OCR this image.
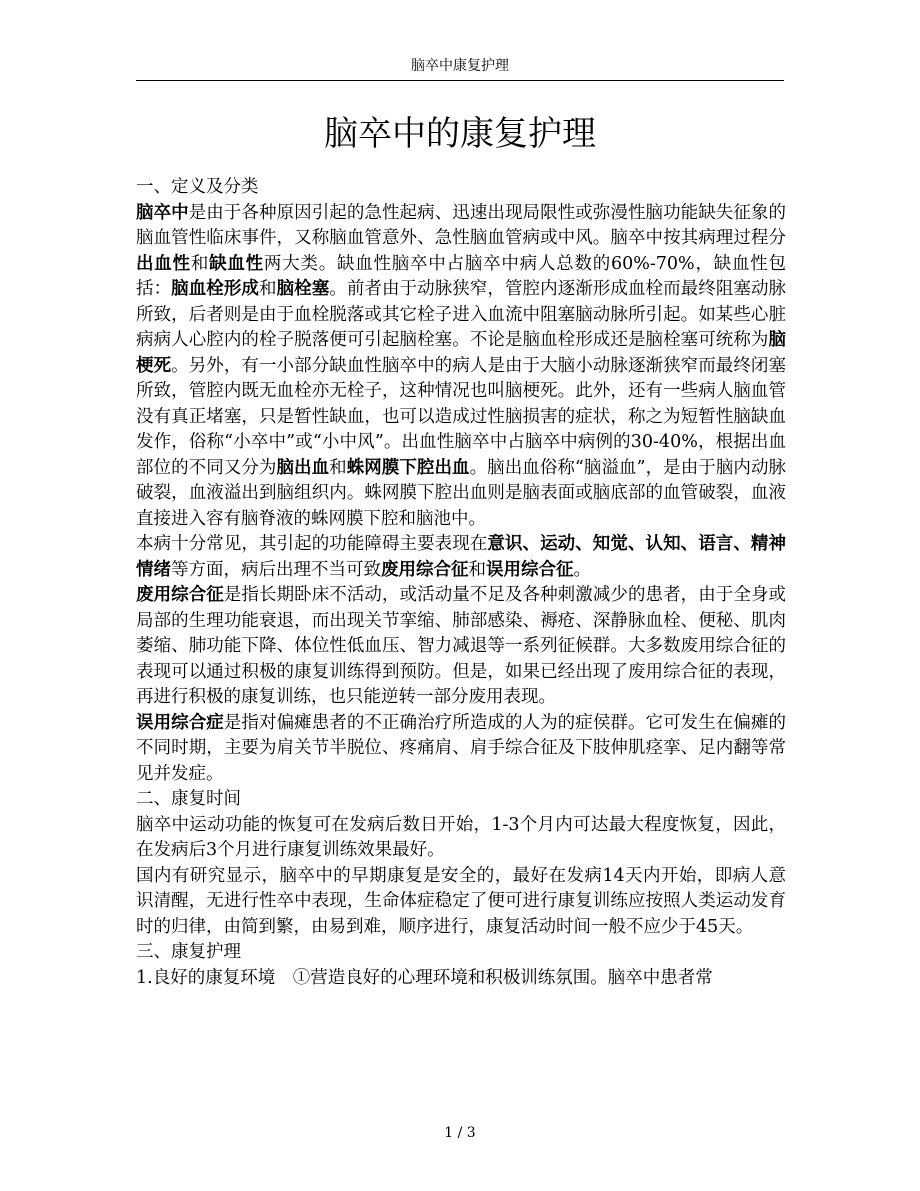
脑卒中康复护理
脑卒中的康复护理

一、定义及分类

脑卒中是由于各种原因引起的急性起病、迅速出现局限性或弥漫性脑功能缺失征象的脑血管性临床事件，又称脑血管意外、急性脑血管病或中风。脑卒中按其病理过程分出血性和缺血性两大类。缺血性脑卒中占脑卒中病人总数的60%-70%，缺血性包括：脑血栓形成和脑栓塞。前者由于动脉狭窄，管腔内逐渐形成血栓而最终阻塞动脉所致，后者则是由于血栓脱落或其它栓子进入血流中阻塞脑动脉所引起。如某些心脏病病人心腔内的栓子脱落便可引起脑栓塞。不论是脑血栓形成还是脑栓塞可统称为脑梗死。另外，有一小部分缺血性脑卒中的病人是由于大脑小动脉逐渐狭窄而最终闭塞所致，管腔内既无血栓亦无栓子，这种情况也叫脑梗死。此外，还有一些病人脑血管没有真正堵塞，只是暂性缺血，也可以造成过性脑损害的症状，称之为短暂性脑缺血发作，俗称“小卒中”或“小中风”。出血性脑卒中占脑卒中病例的30-40%，根据出血部位的不同又分为脑出血和蛛网膜下腔出血。脑出血俗称“脑溢血”，是由于脑内动脉破裂，血液溢出到脑组织内。蛛网膜下腔出血则是脑表面或脑底部的血管破裂，血液直接进入容有脑脊液的蛛网膜下腔和脑池中。

本病十分常见，其引起的功能障碍主要表现在意识、运动、知觉、认知、语言、精神情绪等方面，病后出理不当可致废用综合征和误用综合征。

废用综合征是指长期卧床不活动，或活动量不足及各种刺激减少的患者，由于全身或局部的生理功能衰退，而出现关节挛缩、肺部感染、褥疮、深静脉血栓、便秘、肌肉萎缩、肺功能下降、体位性低血压、智力减退等一系列征候群。大多数废用综合征的表现可以通过积极的康复训练得到预防。但是，如果已经出现了废用综合征的表现，再进行积极的康复训练，也只能逆转一部分废用表现。

误用综合症是指对偏瘫患者的不正确治疗所造成的人为的症侯群。它可发生在偏瘫的不同时期，主要为肩关节半脱位、疼痛肩、肩手综合征及下肢伸肌痉挛、足内翻等常见并发症。

二、康复时间

脑卒中运动功能的恢复可在发病后数日开始，1-3个月内可达最大程度恢复，因此，在发病后3个月进行康复训练效果最好。

国内有研究显示，脑卒中的早期康复是安全的，最好在发病14天内开始，即病人意识清醒，无进行性卒中表现，生命体症稳定了便可进行康复训练应按照人类运动发育时的归律，由简到繁，由易到难，顺序进行，康复活动时间一般不应少于45天。

三、康复护理

1.良好的康复环境　①营造良好的心理环境和积极训练氛围。脑卒中患者常

1 / 3
